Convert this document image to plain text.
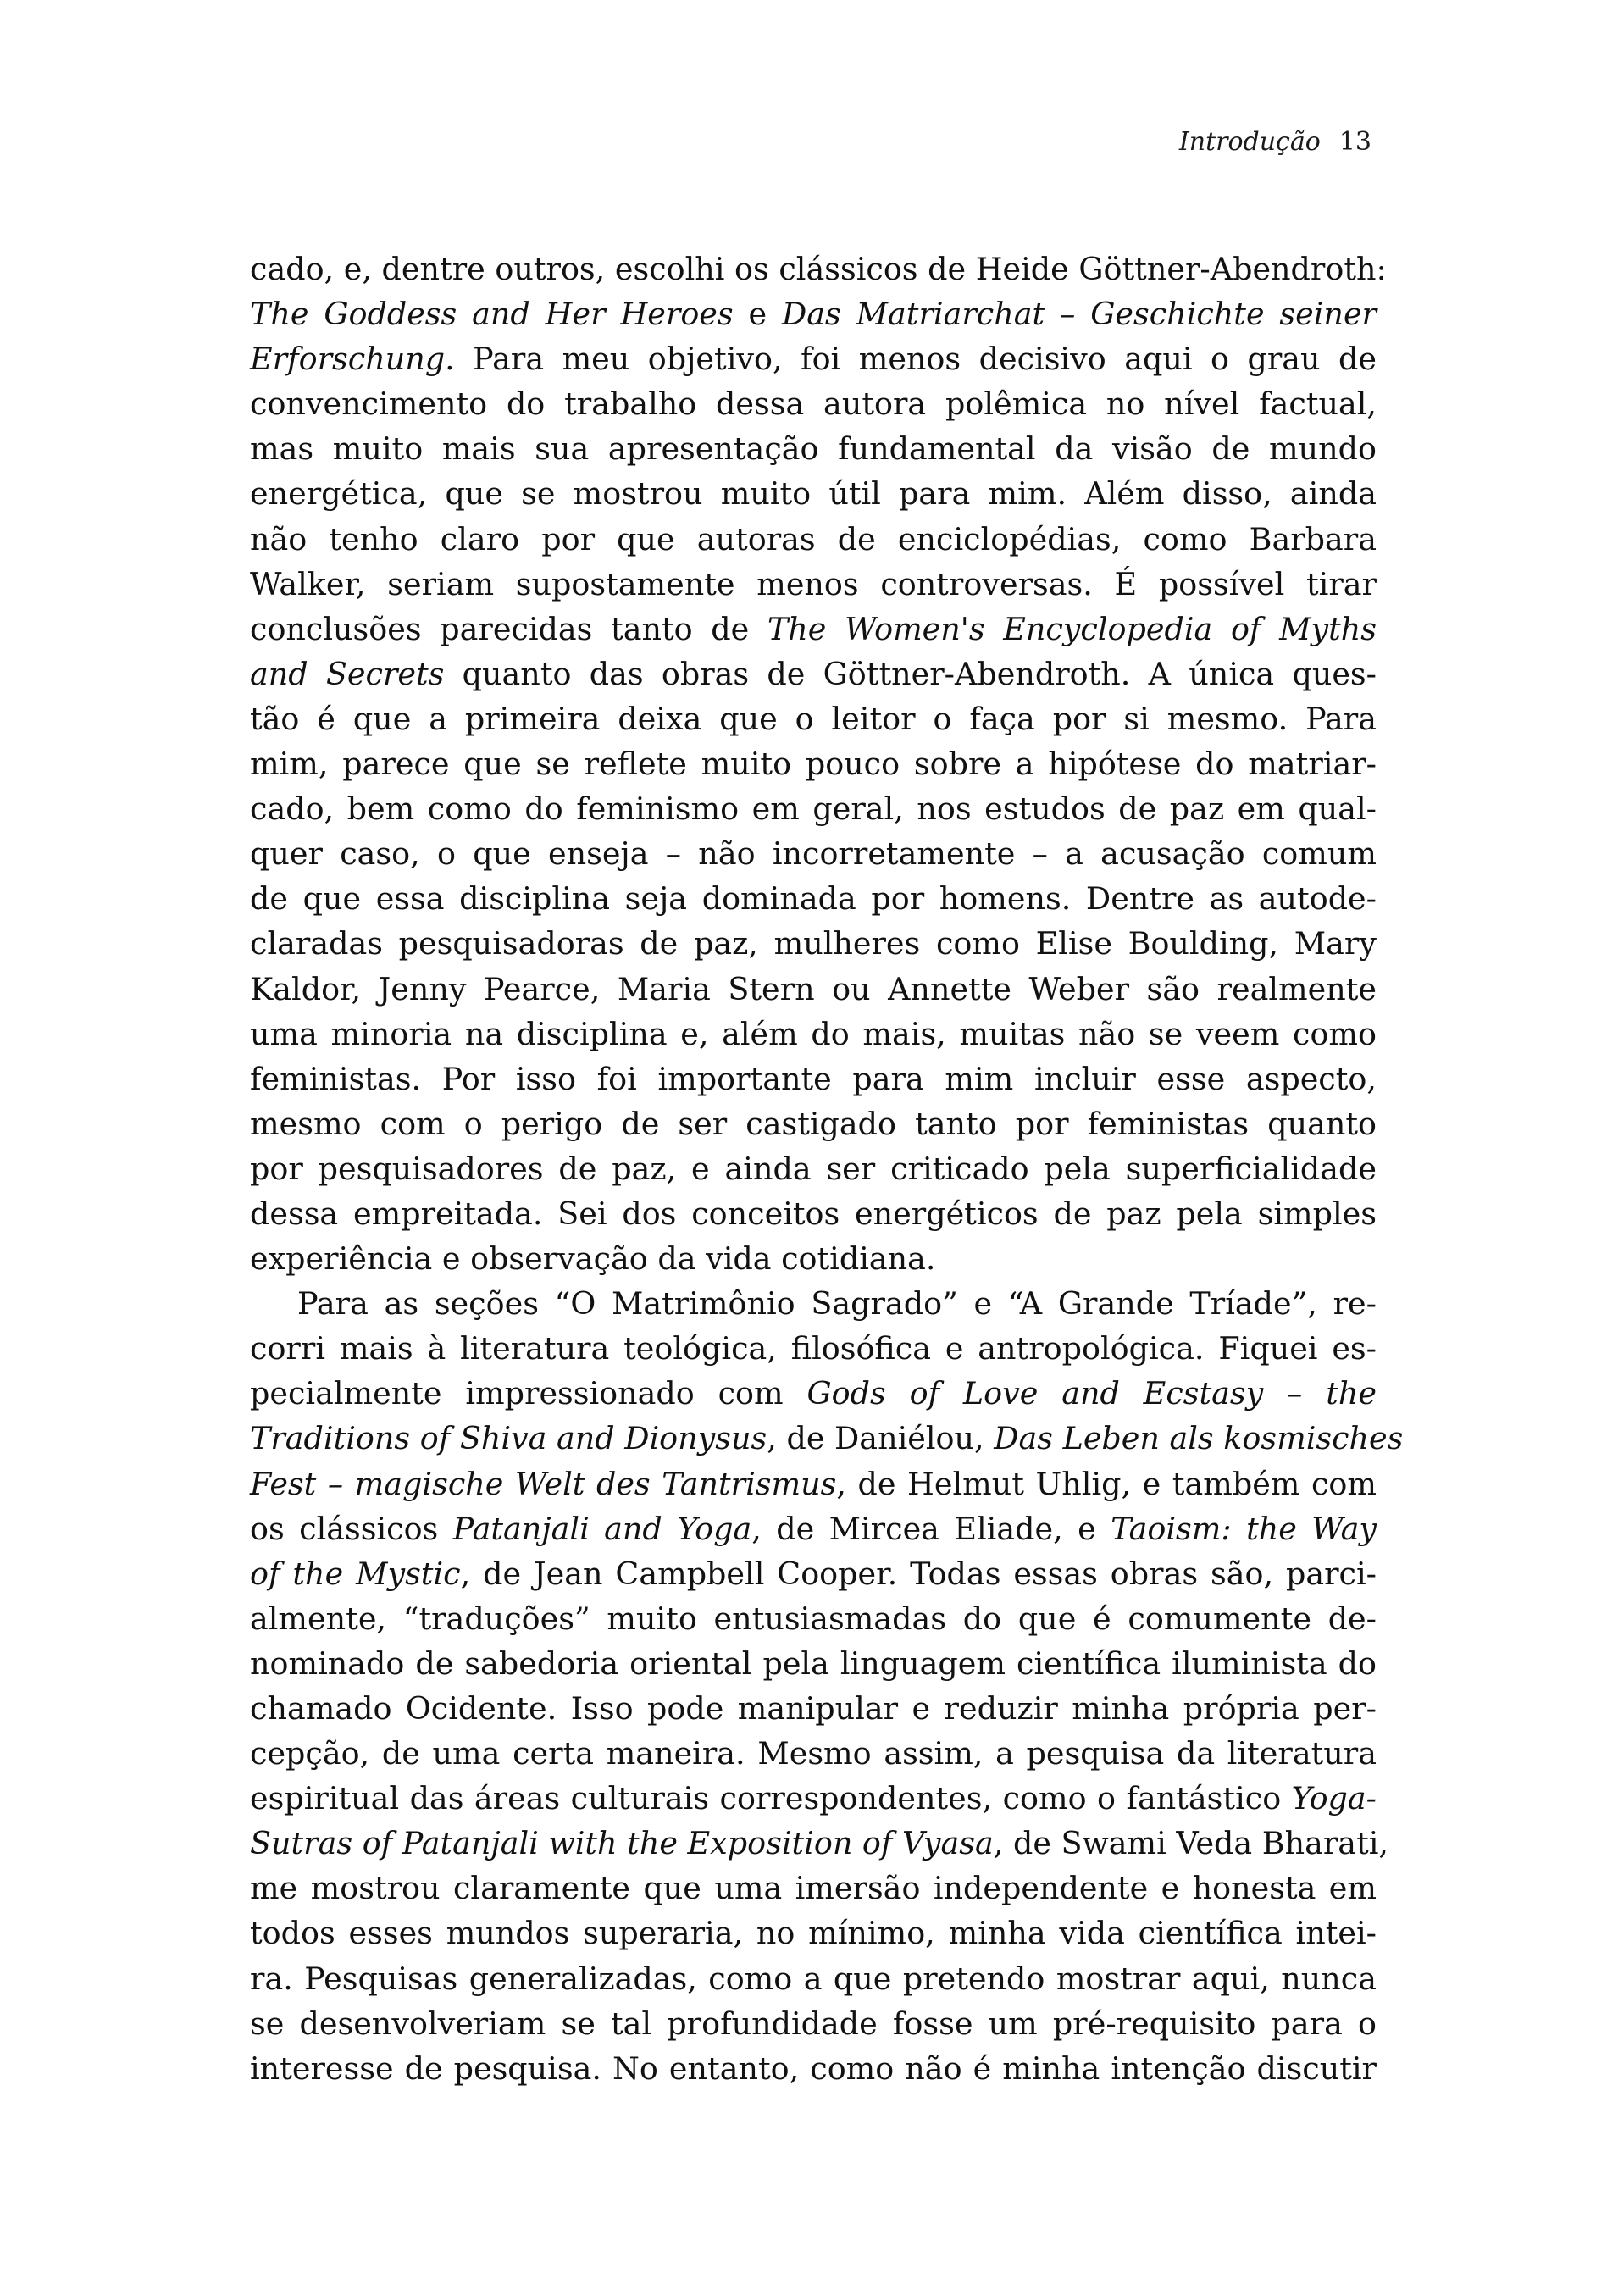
Introdução 13
cado, e, dentre outros, escolhi os clássicos de Heide Göttner-Abendroth:
The Goddess and Her Heroes e Das Matriarchat – Geschichte seiner
Erforschung. Para meu objetivo, foi menos decisivo aqui o grau de
convencimento do trabalho dessa autora polêmica no nível factual,
mas muito mais sua apresentação fundamental da visão de mundo
energética, que se mostrou muito útil para mim. Além disso, ainda
não tenho claro por que autoras de enciclopédias, como Barbara
Walker, seriam supostamente menos controversas. É possível tirar
conclusões parecidas tanto de The Women's Encyclopedia of Myths
and Secrets quanto das obras de Göttner-Abendroth. A única ques-
tão é que a primeira deixa que o leitor o faça por si mesmo. Para
mim, parece que se reflete muito pouco sobre a hipótese do matriar-
cado, bem como do feminismo em geral, nos estudos de paz em qual-
quer caso, o que enseja – não incorretamente – a acusação comum
de que essa disciplina seja dominada por homens. Dentre as autode-
claradas pesquisadoras de paz, mulheres como Elise Boulding, Mary
Kaldor, Jenny Pearce, Maria Stern ou Annette Weber são realmente
uma minoria na disciplina e, além do mais, muitas não se veem como
feministas. Por isso foi importante para mim incluir esse aspecto,
mesmo com o perigo de ser castigado tanto por feministas quanto
por pesquisadores de paz, e ainda ser criticado pela superficialidade
dessa empreitada. Sei dos conceitos energéticos de paz pela simples
experiência e observação da vida cotidiana.
Para as seções “O Matrimônio Sagrado” e “A Grande Tríade”, re-
corri mais à literatura teológica, filosófica e antropológica. Fiquei es-
pecialmente impressionado com Gods of Love and Ecstasy – the
Traditions of Shiva and Dionysus, de Daniélou, Das Leben als kosmisches
Fest – magische Welt des Tantrismus, de Helmut Uhlig, e também com
os clássicos Patanjali and Yoga, de Mircea Eliade, e Taoism: the Way
of the Mystic, de Jean Campbell Cooper. Todas essas obras são, parci-
almente, “traduções” muito entusiasmadas do que é comumente de-
nominado de sabedoria oriental pela linguagem científica iluminista do
chamado Ocidente. Isso pode manipular e reduzir minha própria per-
cepção, de uma certa maneira. Mesmo assim, a pesquisa da literatura
espiritual das áreas culturais correspondentes, como o fantástico Yoga-
Sutras of Patanjali with the Exposition of Vyasa, de Swami Veda Bharati,
me mostrou claramente que uma imersão independente e honesta em
todos esses mundos superaria, no mínimo, minha vida científica intei-
ra. Pesquisas generalizadas, como a que pretendo mostrar aqui, nunca
se desenvolveriam se tal profundidade fosse um pré-requisito para o
interesse de pesquisa. No entanto, como não é minha intenção discutir
